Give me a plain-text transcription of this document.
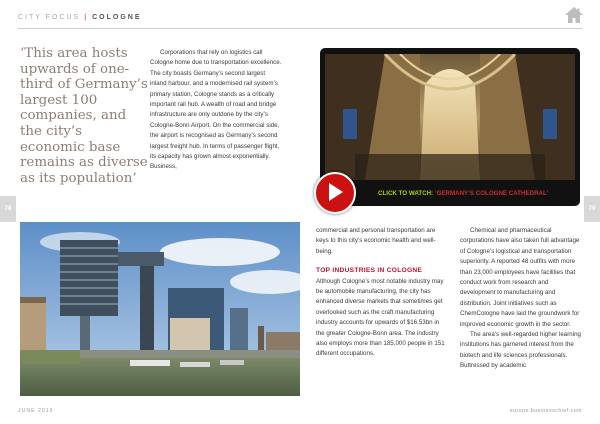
CITY FOCUS | COLOGNE

‘This area hosts upwards of one-third of Germany’s largest 100 companies, and the city’s economic base remains as diverse as its population’

Corporations that rely on logistics call Cologne home due to transportation excellence. The city boasts Germany’s second largest inland harbour, and a modernised rail system’s primary station, Cologne stands as a critically important rail hub. A wealth of road and bridge infrastructure are only outdone by the city’s Cologne-Bonn Airport. On the commercial side, the airport is recognised as Germany’s second largest freight hub. In terms of passenger flight, its capacity has grown almost exponentially. Business,

CLICK TO WATCH: ‘GERMANY’S COLOGNE CATHEDRAL’
78	79

commercial and personal transportation are keys to this city’s economic health and well-being.

TOP INDUSTRIES IN COLOGNE

Although Cologne’s most notable industry may be automobile manufacturing, the city has enhanced diverse markets that sometimes get overlooked such as the craft manufacturing industry accounts for upwards of $16.53bn in the greater Cologne-Bonn area. The industry also employs more than 185,000 people in 151 different occupations.

Chemical and pharmaceutical corporations have also taken full advantage of Cologne’s logistical and transportation superiority. A reported 48 outfits with more than 23,000 employees have facilities that conduct work from research and development to manufacturing and distribution. Joint initiatives such as ChemCologne have laid the groundwork for improved economic growth in the sector.

The area’s well-regarded higher learning institutions has garnered interest from the biotech and life sciences professionals. Buttressed by academic

JUNE 2019	europe.businesschief.com
